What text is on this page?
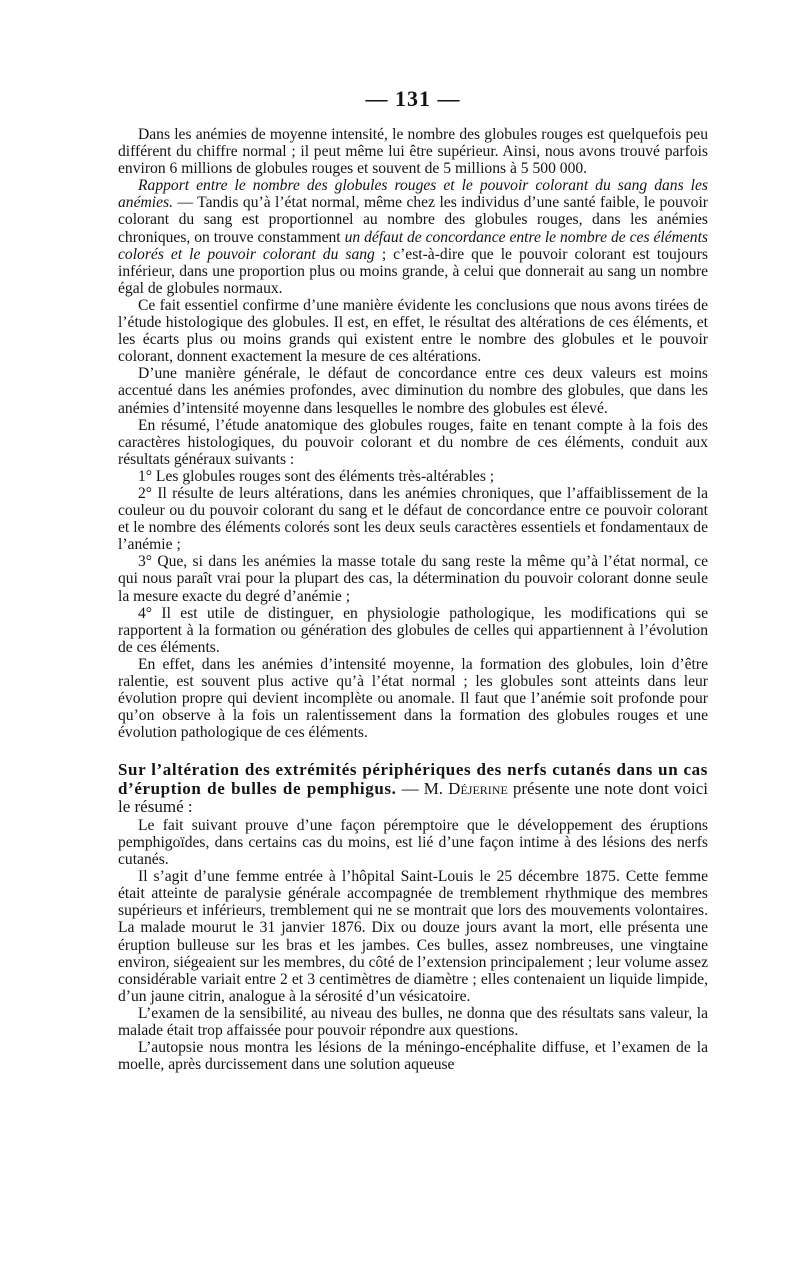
— 131 —

Dans les anémies de moyenne intensité, le nombre des globules rouges est quelquefois peu différent du chiffre normal ; il peut même lui être supérieur. Ainsi, nous avons trouvé parfois environ 6 millions de globules rouges et souvent de 5 millions à 5 500 000.

Rapport entre le nombre des globules rouges et le pouvoir colorant du sang dans les anémies. — Tandis qu’à l’état normal, même chez les individus d’une santé faible, le pouvoir colorant du sang est proportionnel au nombre des globules rouges, dans les anémies chroniques, on trouve constamment un défaut de concordance entre le nombre de ces éléments colorés et le pouvoir colorant du sang ; c’est-à-dire que le pouvoir colorant est toujours inférieur, dans une proportion plus ou moins grande, à celui que donnerait au sang un nombre égal de globules normaux.

Ce fait essentiel confirme d’une manière évidente les conclusions que nous avons tirées de l’étude histologique des globules. Il est, en effet, le résultat des altérations de ces éléments, et les écarts plus ou moins grands qui existent entre le nombre des globules et le pouvoir colorant, donnent exactement la mesure de ces altérations.

D’une manière générale, le défaut de concordance entre ces deux valeurs est moins accentué dans les anémies profondes, avec diminution du nombre des globules, que dans les anémies d’intensité moyenne dans lesquelles le nombre des globules est élevé.

En résumé, l’étude anatomique des globules rouges, faite en tenant compte à la fois des caractères histologiques, du pouvoir colorant et du nombre de ces éléments, conduit aux résultats généraux suivants :

1° Les globules rouges sont des éléments très-altérables ;

2° Il résulte de leurs altérations, dans les anémies chroniques, que l’affaiblissement de la couleur ou du pouvoir colorant du sang et le défaut de concordance entre ce pouvoir colorant et le nombre des éléments colorés sont les deux seuls caractères essentiels et fondamentaux de l’anémie ;

3° Que, si dans les anémies la masse totale du sang reste la même qu’à l’état normal, ce qui nous paraît vrai pour la plupart des cas, la détermination du pouvoir colorant donne seule la mesure exacte du degré d’anémie ;

4° Il est utile de distinguer, en physiologie pathologique, les modifications qui se rapportent à la formation ou génération des globules de celles qui appartiennent à l’évolution de ces éléments.

En effet, dans les anémies d’intensité moyenne, la formation des globules, loin d’être ralentie, est souvent plus active qu’à l’état normal ; les globules sont atteints dans leur évolution propre qui devient incomplète ou anomale. Il faut que l’anémie soit profonde pour qu’on observe à la fois un ralentissement dans la formation des globules rouges et une évolution pathologique de ces éléments.

Sur l’altération des extrémités périphériques des nerfs cutanés dans un cas d’éruption de bulles de pemphigus. — M. Déjerine présente une note dont voici le résumé :

Le fait suivant prouve d’une façon péremptoire que le développement des éruptions pemphigoïdes, dans certains cas du moins, est lié d’une façon intime à des lésions des nerfs cutanés.

Il s’agit d’une femme entrée à l’hôpital Saint-Louis le 25 décembre 1875. Cette femme était atteinte de paralysie générale accompagnée de tremblement rhythmique des membres supérieurs et inférieurs, tremblement qui ne se montrait que lors des mouvements volontaires. La malade mourut le 31 janvier 1876. Dix ou douze jours avant la mort, elle présenta une éruption bulleuse sur les bras et les jambes. Ces bulles, assez nombreuses, une vingtaine environ, siégeaient sur les membres, du côté de l’extension principalement ; leur volume assez considérable variait entre 2 et 3 centimètres de diamètre ; elles contenaient un liquide limpide, d’un jaune citrin, analogue à la sérosité d’un vésicatoire.

L’examen de la sensibilité, au niveau des bulles, ne donna que des résultats sans valeur, la malade était trop affaissée pour pouvoir répondre aux questions.

L’autopsie nous montra les lésions de la méningo-encéphalite diffuse, et l’examen de la moelle, après durcissement dans une solution aqueuse
